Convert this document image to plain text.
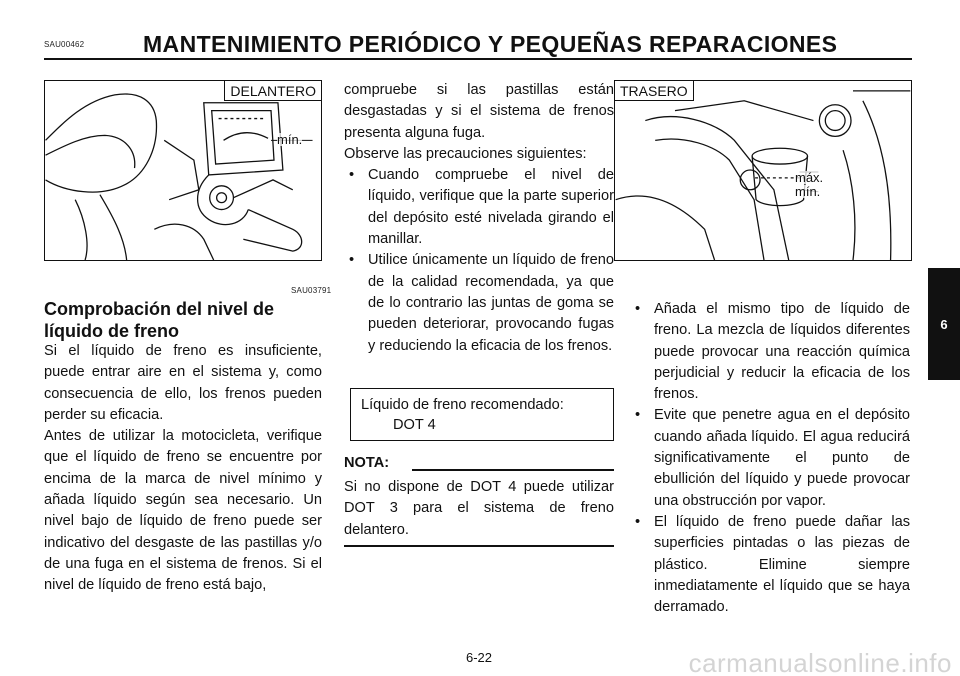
SAU00462	MANTENIMIENTO PERIÓDICO Y PEQUEÑAS REPARACIONES
DELANTERO
mín.
TRASERO
máx.
mín.
SAU03791
Comprobación del nivel de líquido de freno

Si el líquido de freno es insuficiente, puede entrar aire en el sistema y, como consecuencia de ello, los frenos pueden perder su eficacia.

Antes de utilizar la motocicleta, verifique que el líquido de freno se encuentre por encima de la marca de nivel mínimo y añada líquido según sea necesario. Un nivel bajo de líquido de freno puede ser indicativo del desgaste de las pastillas y/o de una fuga en el sistema de frenos. Si el nivel de líquido de freno está bajo,

compruebe si las pastillas están desgastadas y si el sistema de frenos presenta alguna fuga.

Observe las precauciones siguientes:

• Cuando compruebe el nivel de líquido, verifique que la parte superior del depósito esté nivelada girando el manillar.
• Utilice únicamente un líquido de freno de la calidad recomendada, ya que de lo contrario las juntas de goma se pueden deteriorar, provocando fugas y reduciendo la eficacia de los frenos.
Líquido de freno recomendado:
DOT 4
NOTA:
Si no dispone de DOT 4 puede utilizar DOT 3 para el sistema de freno delantero.
• Añada el mismo tipo de líquido de freno. La mezcla de líquidos diferentes puede provocar una reacción química perjudicial y reducir la eficacia de los frenos.
• Evite que penetre agua en el depósito cuando añada líquido. El agua reducirá significativamente el punto de ebullición del líquido y puede provocar una obstrucción por vapor.
• El líquido de freno puede dañar las superficies pintadas o las piezas de plástico. Elimine siempre inmediatamente el líquido que se haya derramado.
6
6-22	carmanualsonline.info
